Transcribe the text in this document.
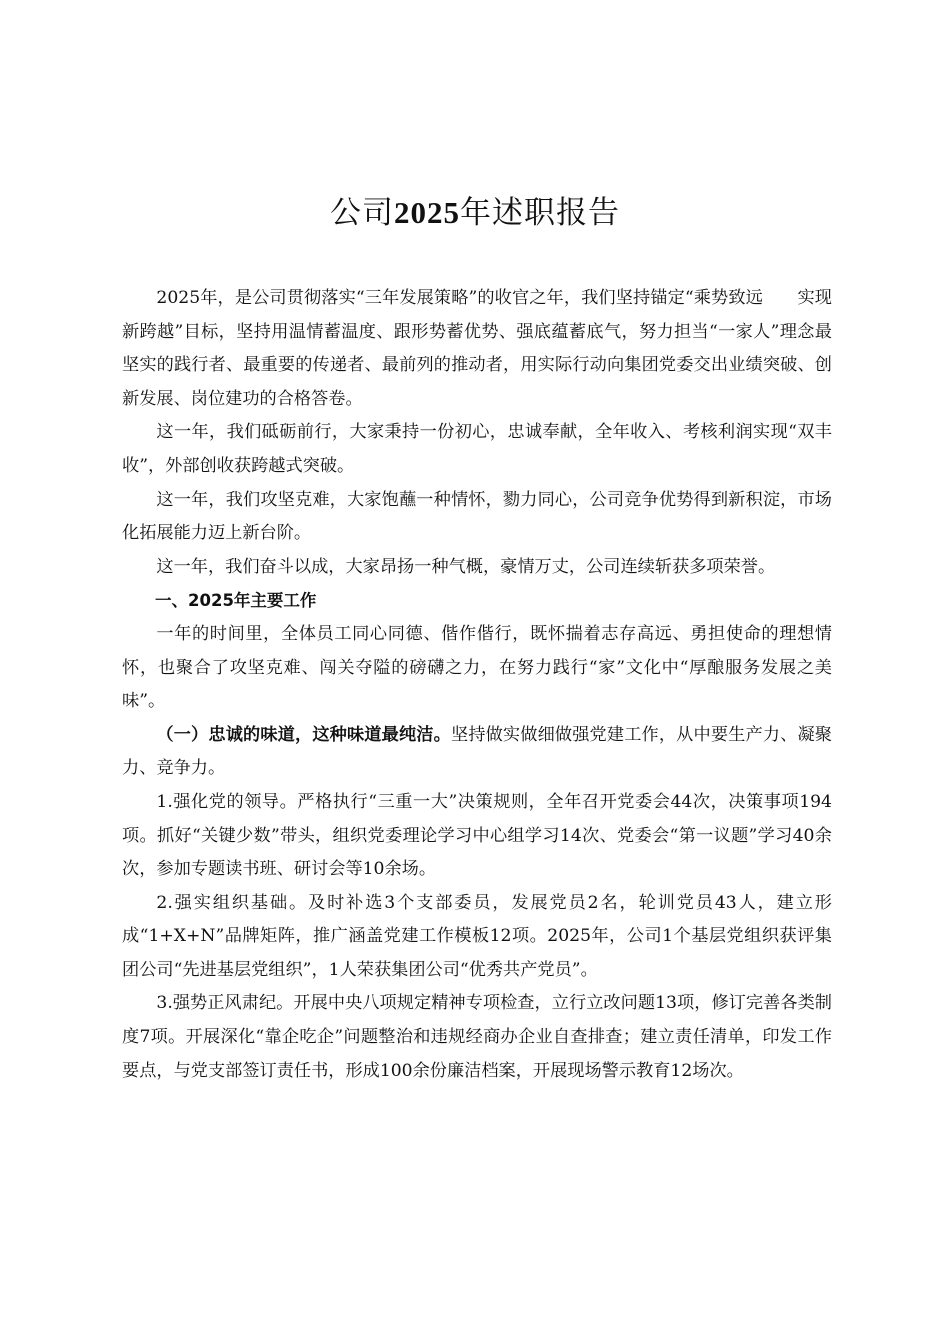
公司2025年述职报告

2025年，是公司贯彻落实“三年发展策略”的收官之年，我们坚持锚定“乘势致远　　实现新跨越”目标，坚持用温情蓄温度、跟形势蓄优势、强底蕴蓄底气，努力担当“一家人”理念最坚实的践行者、最重要的传递者、最前列的推动者，用实际行动向集团党委交出业绩突破、创新发展、岗位建功的合格答卷。

这一年，我们砥砺前行，大家秉持一份初心，忠诚奉献，全年收入、考核利润实现“双丰收”，外部创收获跨越式突破。

这一年，我们攻坚克难，大家饱蘸一种情怀，勠力同心，公司竞争优势得到新积淀，市场化拓展能力迈上新台阶。

这一年，我们奋斗以成，大家昂扬一种气概，豪情万丈，公司连续斩获多项荣誉。

一、2025年主要工作

一年的时间里，全体员工同心同德、偕作偕行，既怀揣着志存高远、勇担使命的理想情怀，也聚合了攻坚克难、闯关夺隘的磅礴之力，在努力践行“家”文化中“厚酿服务发展之美味”。

（一）忠诚的味道，这种味道最纯洁。坚持做实做细做强党建工作，从中要生产力、凝聚力、竞争力。

1.强化党的领导。严格执行“三重一大”决策规则，全年召开党委会44次，决策事项194项。抓好“关键少数”带头，组织党委理论学习中心组学习14次、党委会“第一议题”学习40余次，参加专题读书班、研讨会等10余场。

2.强实组织基础。及时补选3个支部委员，发展党员2名，轮训党员43人，建立形成“1+X+N”品牌矩阵，推广涵盖党建工作模板12项。2025年，公司1个基层党组织获评集团公司“先进基层党组织”，1人荣获集团公司“优秀共产党员”。

3.强势正风肃纪。开展中央八项规定精神专项检查，立行立改问题13项，修订完善各类制度7项。开展深化“靠企吃企”问题整治和违规经商办企业自查排查；建立责任清单，印发工作要点，与党支部签订责任书，形成100余份廉洁档案，开展现场警示教育12场次。
